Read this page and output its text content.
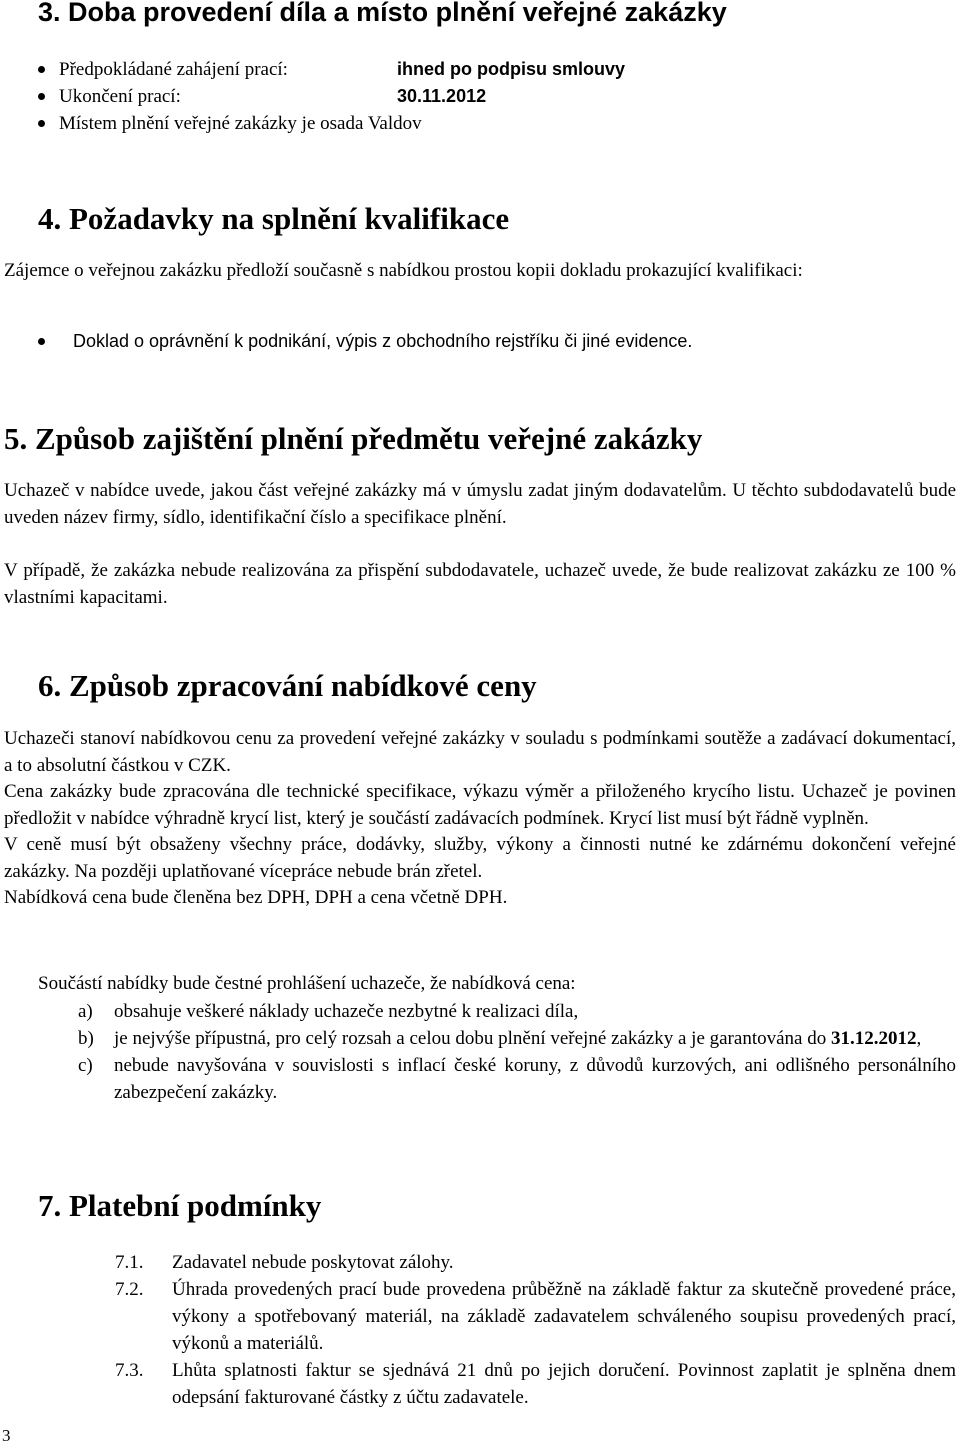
3. Doba provedení díla a místo plnění veřejné zakázky
Předpokládané zahájení prací:	ihned po podpisu smlouvy
Ukončení prací:	30.11.2012
Místem plnění veřejné zakázky je osada Valdov
4. Požadavky na splnění kvalifikace

Zájemce o veřejnou zakázku předloží současně s nabídkou prostou kopii dokladu prokazující kvalifikaci:

Doklad o oprávnění k podnikání, výpis z obchodního rejstříku či jiné evidence.
5. Způsob zajištění plnění předmětu veřejné zakázky

Uchazeč v nabídce uvede, jakou část veřejné zakázky má v úmyslu zadat jiným dodavatelům. U těchto subdodavatelů bude uveden název firmy, sídlo, identifikační číslo a specifikace plnění.

V případě, že zakázka nebude realizována za přispění subdodavatele, uchazeč uvede, že bude realizovat zakázku ze 100 % vlastními kapacitami.

6. Způsob zpracování nabídkové ceny

Uchazeči stanoví nabídkovou cenu za provedení veřejné zakázky v souladu s podmínkami soutěže a zadávací dokumentací, a to absolutní částkou v CZK.

Cena zakázky bude zpracována dle technické specifikace, výkazu výměr a přiloženého krycího listu. Uchazeč je povinen předložit v nabídce výhradně krycí list, který je součástí zadávacích podmínek. Krycí list musí být řádně vyplněn.

V ceně musí být obsaženy všechny práce, dodávky, služby, výkony a činnosti nutné ke zdárnému dokončení veřejné zakázky. Na později uplatňované vícepráce nebude brán zřetel.

Nabídková cena bude členěna bez DPH, DPH a cena včetně DPH.

Součástí nabídky bude čestné prohlášení uchazeče, že nabídková cena:

a) obsahuje veškeré náklady uchazeče nezbytné k realizaci díla,
b) je nejvýše přípustná, pro celý rozsah a celou dobu plnění veřejné zakázky a je garantována do 31.12.2012,
c) nebude navyšována v souvislosti s inflací české koruny, z důvodů kurzových, ani odlišného personálního zabezpečení zakázky.
7. Platební podmínky
7.1. Zadavatel nebude poskytovat zálohy.
7.2. Úhrada provedených prací bude provedena průběžně na základě faktur za skutečně provedené práce, výkony a spotřebovaný materiál, na základě zadavatelem schváleného soupisu provedených prací, výkonů a materiálů.
7.3. Lhůta splatnosti faktur se sjednává 21 dnů po jejich doručení. Povinnost zaplatit je splněna dnem odepsání fakturované částky z účtu zadavatele.
3
